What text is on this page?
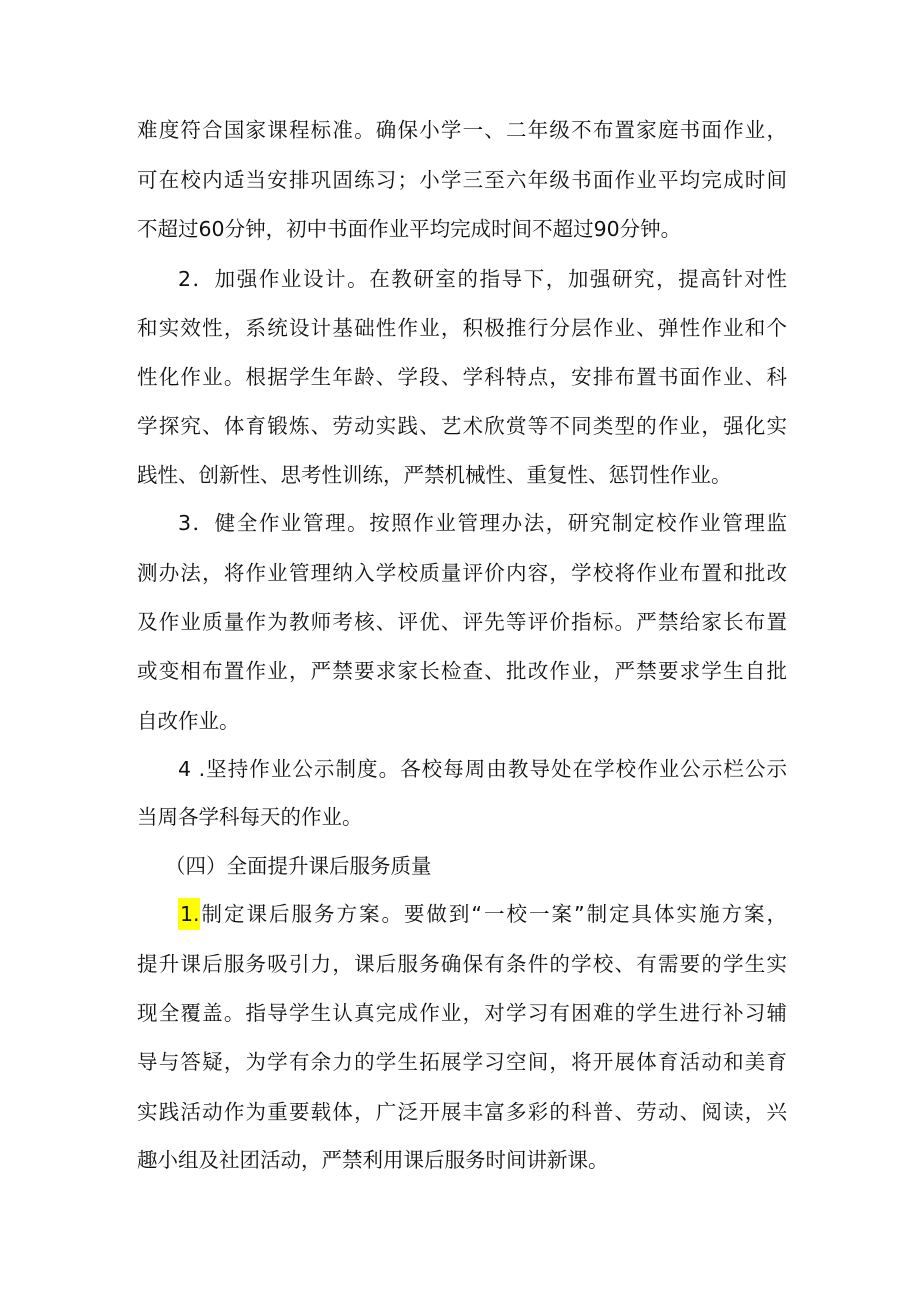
难度符合国家课程标准。确保小学一、二年级不布置家庭书面作业，
可在校内适当安排巩固练习；小学三至六年级书面作业平均完成时间
不超过60分钟，初中书面作业平均完成时间不超过90分钟。
2．加强作业设计。在教研室的指导下，加强研究，提高针对性
和实效性，系统设计基础性作业，积极推行分层作业、弹性作业和个
性化作业。根据学生年龄、学段、学科特点，安排布置书面作业、科
学探究、体育锻炼、劳动实践、艺术欣赏等不同类型的作业，强化实
践性、创新性、思考性训练，严禁机械性、重复性、惩罚性作业。
3．健全作业管理。按照作业管理办法，研究制定校作业管理监
测办法，将作业管理纳入学校质量评价内容，学校将作业布置和批改
及作业质量作为教师考核、评优、评先等评价指标。严禁给家长布置
或变相布置作业，严禁要求家长检查、批改作业，严禁要求学生自批
自改作业。
4 .坚持作业公示制度。各校每周由教导处在学校作业公示栏公示
当周各学科每天的作业。
（四）全面提升课后服务质量
1.制定课后服务方案。要做到“一校一案”制定具体实施方案，
提升课后服务吸引力，课后服务确保有条件的学校、有需要的学生实
现全覆盖。指导学生认真完成作业，对学习有困难的学生进行补习辅
导与答疑，为学有余力的学生拓展学习空间，将开展体育活动和美育
实践活动作为重要载体，广泛开展丰富多彩的科普、劳动、阅读，兴
趣小组及社团活动，严禁利用课后服务时间讲新课。
